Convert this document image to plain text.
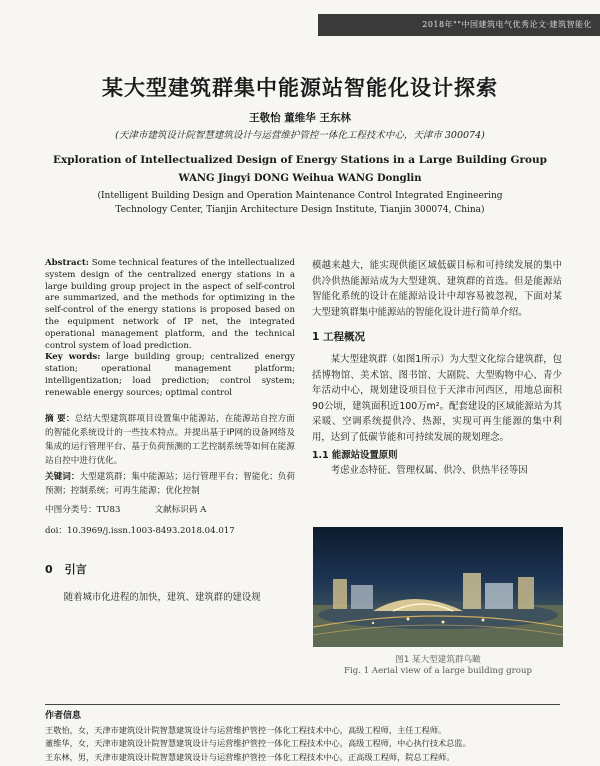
2018年""中国建筑电气优秀论文·建筑智能化
某大型建筑群集中能源站智能化设计探索
王敬怡 董维华 王东林
(天津市建筑设计院智慧建筑设计与运营维护管控一体化工程技术中心，天津市 300074)
Exploration of Intellectualized Design of Energy Stations in a Large Building Group
WANG Jingyi DONG Weihua WANG Donglin
(Intelligent Building Design and Operation Maintenance Control Integrated Engineering Technology Center, Tianjin Architecture Design Institute, Tianjin 300074, China)

Abstract: Some technical features of the intellectualized system design of the centralized energy stations in a large building group project in the aspect of self-control are summarized, and the methods for optimizing in the self-control of the energy stations is proposed based on the equipment network of IP net, the integrated operational management platform, and the technical control system of load prediction.

Key words: large building group; centralized energy station; operational management platform; intelligentization; load prediction; control system; renewable energy sources; optimal control

摘 要：总结大型建筑群项目设置集中能源站，在能源站自控方面的智能化系统设计的一些技术特点。并提出基于IP网的设备网络及集成的运行管理平台、基于负荷预测的工艺控制系统等如何在能源站自控中进行优化。

关键词：大型建筑群；集中能源站；运行管理平台；智能化；负荷预测；控制系统；可再生能源；优化控制

中图分类号：TU83	文献标识码 A

doi：10.3969/j.issn.1003-8493.2018.04.017

0 引言

随着城市化进程的加快，建筑、建筑群的建设规

模越来越大，能实现供能区域低碳目标和可持续发展的集中供冷供热能源站成为大型建筑、建筑群的首选。但是能源站智能化系统的设计在能源站设计中却容易被忽视，下面对某大型建筑群集中能源站的智能化设计进行简单介绍。

1 工程概况

某大型建筑群（如图1所示）为大型文化综合建筑群，包括博物馆、美术馆、图书馆、大剧院、大型购物中心、青少年活动中心，规划建设项目位于天津市河西区，用地总面积90公顷，建筑面积近100万m²。配套建设的区域能源站为其采暖、空调系统提供冷、热源，实现可再生能源的集中利用，达到了低碳节能和可持续发展的规划理念。

1.1 能源站设置原则

考虑业态特征、管理权属、供冷、供热半径等因

图1 某大型建筑群鸟瞰
Fig. 1 Aerial view of a large building group
作者信息
王敬怡，女，天津市建筑设计院智慧建筑设计与运营维护管控一体化工程技术中心，高级工程师，主任工程师。
董维华，女，天津市建筑设计院智慧建筑设计与运营维护管控一体化工程技术中心，高级工程师，中心执行技术总监。
王东林，男，天津市建筑设计院智慧建筑设计与运营维护管控一体化工程技术中心，正高级工程师，院总工程师。
